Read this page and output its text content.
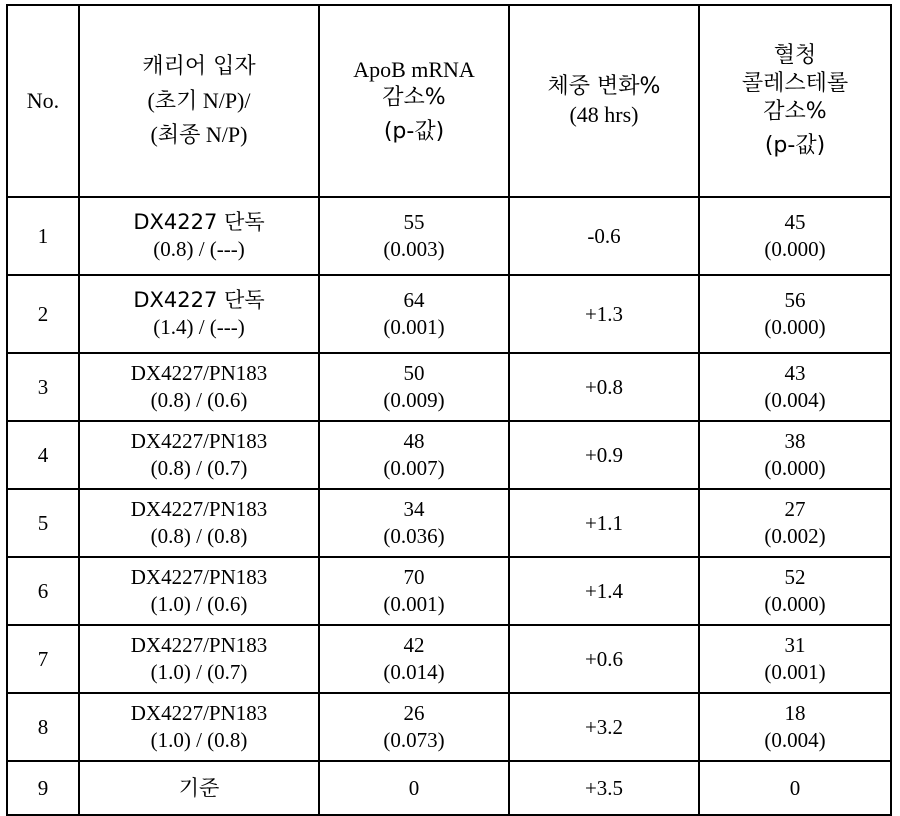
No.	캐리어 입자
(초기 N/P)/
(최종 N/P)	ApoB mRNA
감소%
(p-값)	체중 변화%
(48 hrs)	혈청
콜레스테롤
감소%
(p-값)

1	DX4227 단독
(0.8) / (---)	55
(0.003)	-0.6	45
(0.000)

2	DX4227 단독
(1.4) / (---)	64
(0.001)	+1.3	56
(0.000)

3	DX4227/PN183
(0.8) / (0.6)	50
(0.009)	+0.8	43
(0.004)

4	DX4227/PN183
(0.8) / (0.7)	48
(0.007)	+0.9	38
(0.000)

5	DX4227/PN183
(0.8) / (0.8)	34
(0.036)	+1.1	27
(0.002)

6	DX4227/PN183
(1.0) / (0.6)	70
(0.001)	+1.4	52
(0.000)

7	DX4227/PN183
(1.0) / (0.7)	42
(0.014)	+0.6	31
(0.001)

8	DX4227/PN183
(1.0) / (0.8)	26
(0.073)	+3.2	18
(0.004)

9	기준	0	+3.5	0
